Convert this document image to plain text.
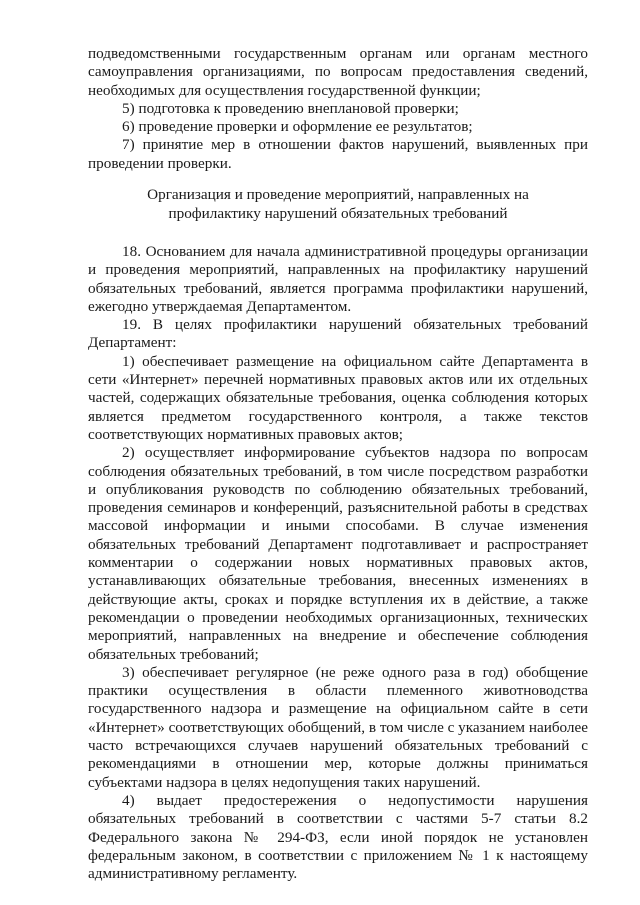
подведомственными государственным органам или органам местного самоуправления организациями, по вопросам предоставления сведений, необходимых для осуществления государственной функции;

5) подготовка к проведению внеплановой проверки;

6) проведение проверки и оформление ее результатов;

7) принятие мер в отношении фактов нарушений, выявленных при проведении проверки.

Организация и проведение мероприятий, направленных на
профилактику нарушений обязательных требований

18. Основанием для начала административной процедуры организации и проведения мероприятий, направленных на профилактику нарушений обязательных требований, является программа профилактики нарушений, ежегодно утверждаемая Департаментом.

19. В целях профилактики нарушений обязательных требований Департамент:

1) обеспечивает размещение на официальном сайте Департамента в сети «Интернет» перечней нормативных правовых актов или их отдельных частей, содержащих обязательные требования, оценка соблюдения которых является предметом государственного контроля, а также текстов соответствующих нормативных правовых актов;

2) осуществляет информирование субъектов надзора по вопросам соблюдения обязательных требований, в том числе посредством разработки и опубликования руководств по соблюдению обязательных требований, проведения семинаров и конференций, разъяснительной работы в средствах массовой информации и иными способами. В случае изменения обязательных требований Департамент подготавливает и распространяет комментарии о содержании новых нормативных правовых актов, устанавливающих обязательные требования, внесенных изменениях в действующие акты, сроках и порядке вступления их в действие, а также рекомендации о проведении необходимых организационных, технических мероприятий, направленных на внедрение и обеспечение соблюдения обязательных требований;

3) обеспечивает регулярное (не реже одного раза в год) обобщение практики осуществления в области племенного животноводства государственного надзора и размещение на официальном сайте в сети «Интернет» соответствующих обобщений, в том числе с указанием наиболее часто встречающихся случаев нарушений обязательных требований с рекомендациями в отношении мер, которые должны приниматься субъектами надзора в целях недопущения таких нарушений.

4) выдает предостережения о недопустимости нарушения обязательных требований в соответствии с частями 5-7 статьи 8.2 Федерального закона № 294-ФЗ, если иной порядок не установлен федеральным законом, в соответствии с приложением № 1 к настоящему административному регламенту.
